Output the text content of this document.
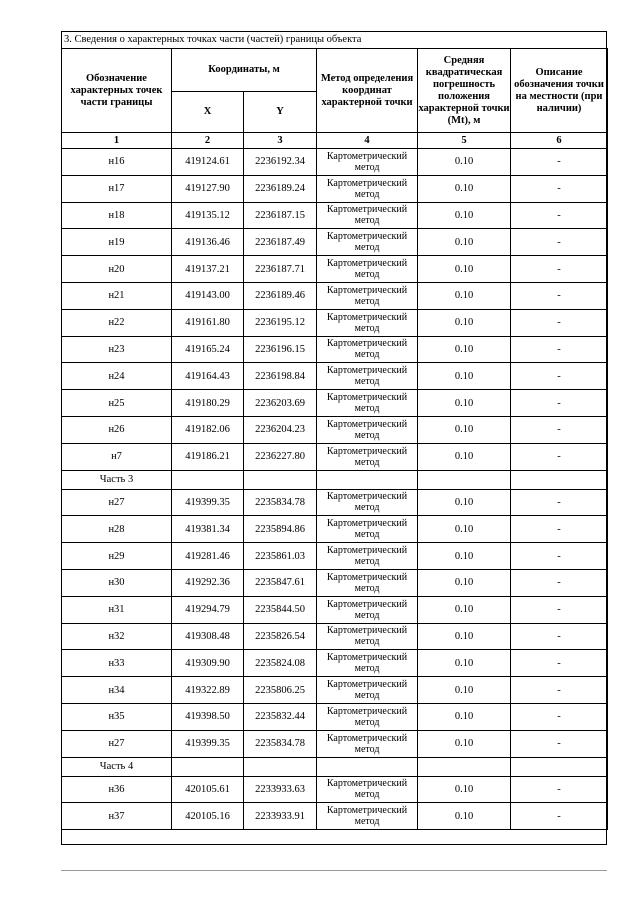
3. Сведения о характерных точках части (частей) границы объекта
Обозначение характерных точек части границы	Координаты, м		Метод определения координат характерной точки	Средняя квадратическая погрешность положения характерной точки (Mt), м	Описание обозначения точки на местности (при наличии)
	X	Y			
1	2	3	4	5	6
н16	419124.61	2236192.34	Картометрический метод	0.10	-
н17	419127.90	2236189.24	Картометрический метод	0.10	-
н18	419135.12	2236187.15	Картометрический метод	0.10	-
н19	419136.46	2236187.49	Картометрический метод	0.10	-
н20	419137.21	2236187.71	Картометрический метод	0.10	-
н21	419143.00	2236189.46	Картометрический метод	0.10	-
н22	419161.80	2236195.12	Картометрический метод	0.10	-
н23	419165.24	2236196.15	Картометрический метод	0.10	-
н24	419164.43	2236198.84	Картометрический метод	0.10	-
н25	419180.29	2236203.69	Картометрический метод	0.10	-
н26	419182.06	2236204.23	Картометрический метод	0.10	-
н7	419186.21	2236227.80	Картометрический метод	0.10	-
Часть 3					
н27	419399.35	2235834.78	Картометрический метод	0.10	-
н28	419381.34	2235894.86	Картометрический метод	0.10	-
н29	419281.46	2235861.03	Картометрический метод	0.10	-
н30	419292.36	2235847.61	Картометрический метод	0.10	-
н31	419294.79	2235844.50	Картометрический метод	0.10	-
н32	419308.48	2235826.54	Картометрический метод	0.10	-
н33	419309.90	2235824.08	Картометрический метод	0.10	-
н34	419322.89	2235806.25	Картометрический метод	0.10	-
н35	419398.50	2235832.44	Картометрический метод	0.10	-
н27	419399.35	2235834.78	Картометрический метод	0.10	-
Часть 4					
н36	420105.61	2233933.63	Картометрический метод	0.10	-
н37	420105.16	2233933.91	Картометрический метод	0.10	-
